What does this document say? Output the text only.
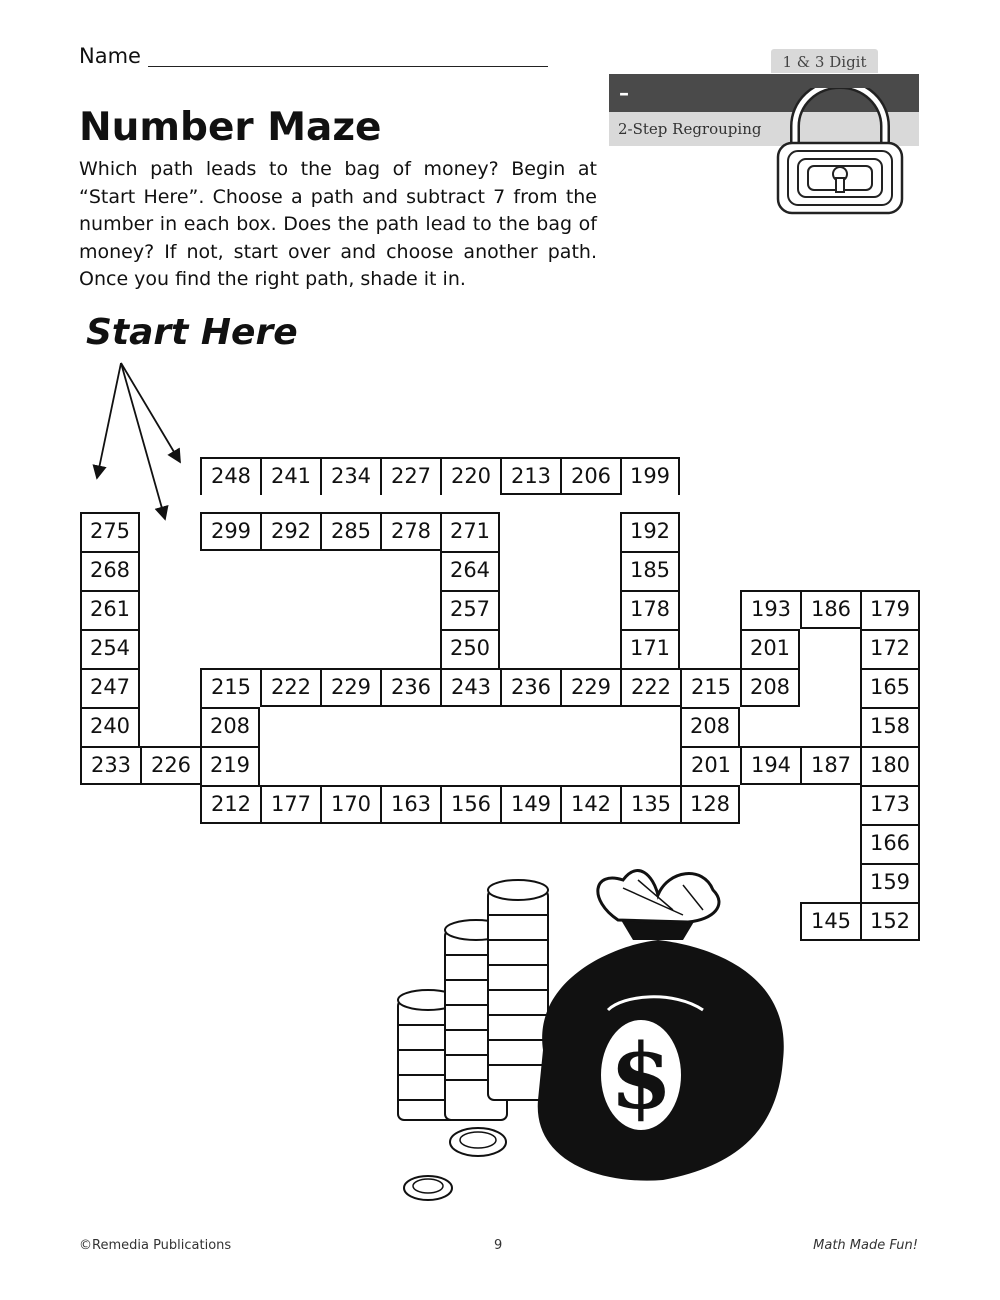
Name	1 & 3 Digit
–
2-Step Regrouping
Number Maze

Which path leads to the bag of money? Begin at “Start Here”. Choose a path and subtract 7 from the number in each box. Does the path lead to the bag of money? If not, start over and choose another path. Once you find the right path, shade it in.

Start Here
248 241 234 227 220 213 206 199
299 292 285 278 271	192
275
268
261
254
247
240
233 226
264
257
250
185
178
171
215 222 229 236 243 236 229 222 215 208
208
219
212 177 170 163 156 149 142 135 128
208
201 194 187 180
193 186 179
201	172
165
158
173
166
159
145 152
$
©Remedia Publications	9	Math Made Fun!
